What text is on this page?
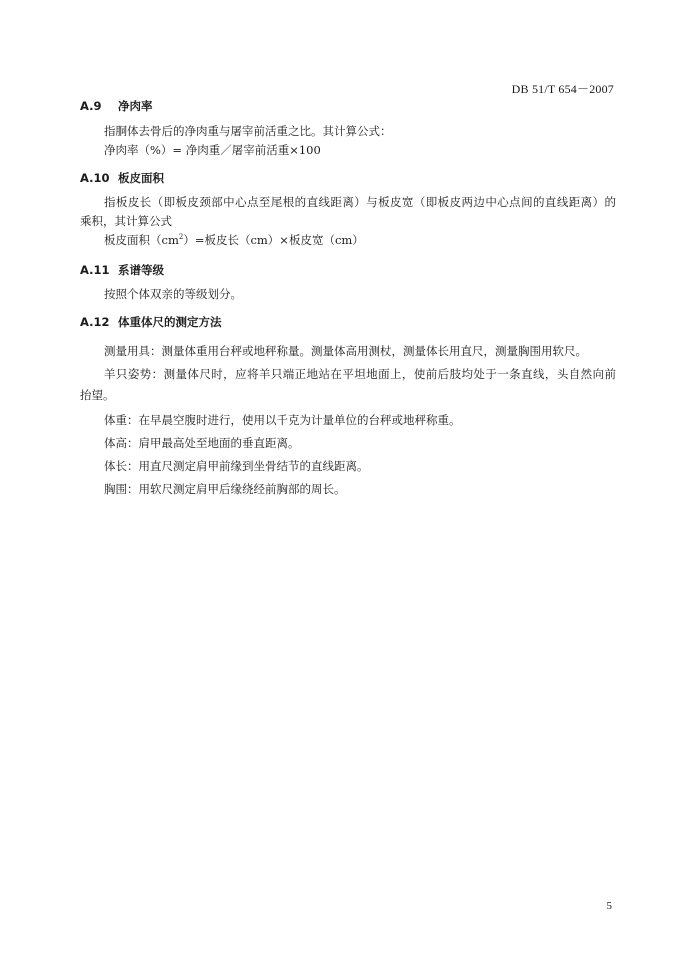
DB 51/T 654－2007
A.9 净肉率
指胴体去骨后的净肉重与屠宰前活重之比。其计算公式：
净肉率（%）= 净肉重／屠宰前活重×100
A.10 板皮面积
指板皮长（即板皮颈部中心点至尾根的直线距离）与板皮宽（即板皮两边中心点间的直线距离）的
乘积，其计算公式
板皮面积$(cm^2)=$板皮长（cm）×板皮宽（cm）
A.11 系谱等级
按照个体双亲的等级划分。
A.12 体重体尺的测定方法
测量用具：测量体重用台秤或地秤称量。测量体高用测杖，测量体长用直尺，测量胸围用软尺。
羊只姿势：测量体尺时，应将羊只端正地站在平坦地面上，使前后肢均处于一条直线，头自然向前
抬望。
体重：在早晨空腹时进行，使用以千克为计量单位的台秤或地秤称重。
体高：肩甲最高处至地面的垂直距离。
体长：用直尺测定肩甲前缘到坐骨结节的直线距离。
胸围：用软尺测定肩甲后缘绕经前胸部的周长。
5
